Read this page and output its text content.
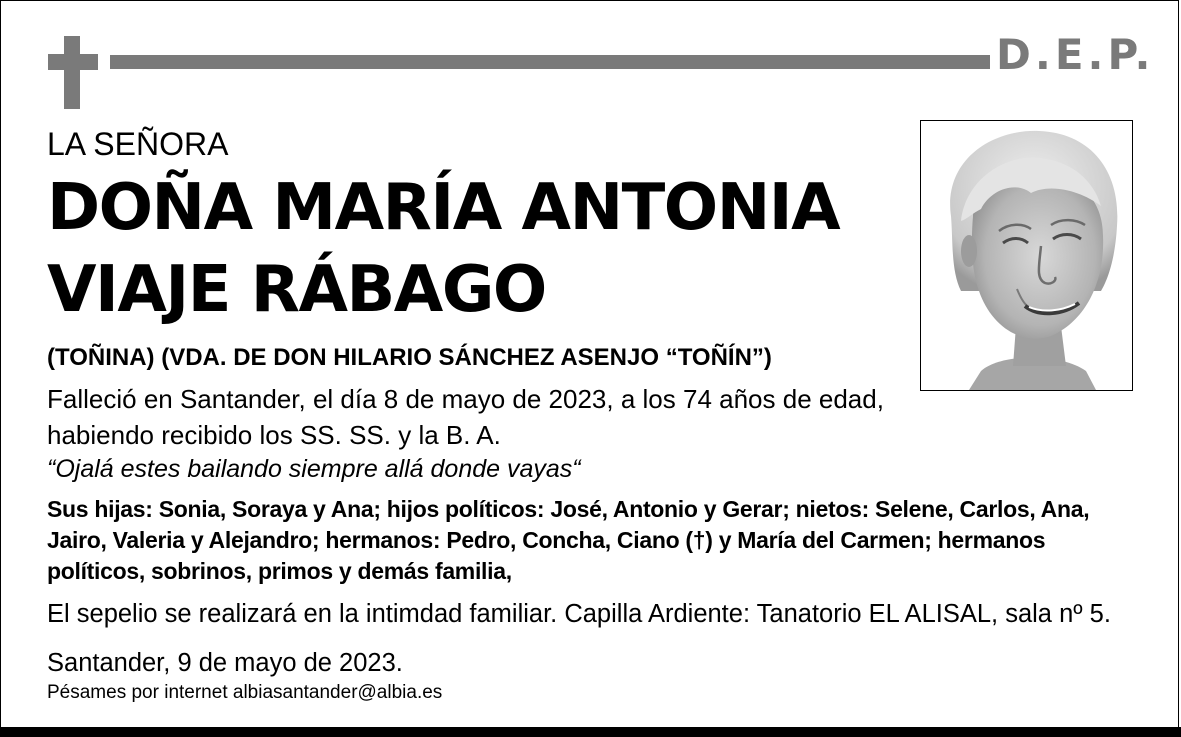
D.E.P.
LA SEÑORA
DOÑA MARÍA ANTONIA
VIAJE RÁBAGO
(TOÑINA) (VDA. DE DON HILARIO SÁNCHEZ ASENJO “TOÑÍN”)
Falleció en Santander, el día 8 de mayo de 2023, a los 74 años de edad,
habiendo recibido los SS. SS. y la B. A.
“Ojalá estes bailando siempre allá donde vayas“
Sus hijas: Sonia, Soraya y Ana; hijos políticos: José, Antonio y Gerar; nietos: Selene, Carlos, Ana, Jairo, Valeria y Alejandro; hermanos: Pedro, Concha, Ciano (†) y María del Carmen; hermanos políticos, sobrinos, primos y demás familia,
El sepelio se realizará en la intimdad familiar. Capilla Ardiente: Tanatorio EL ALISAL, sala nº 5.
Santander, 9 de mayo de 2023.
Pésames por internet albiasantander@albia.es
